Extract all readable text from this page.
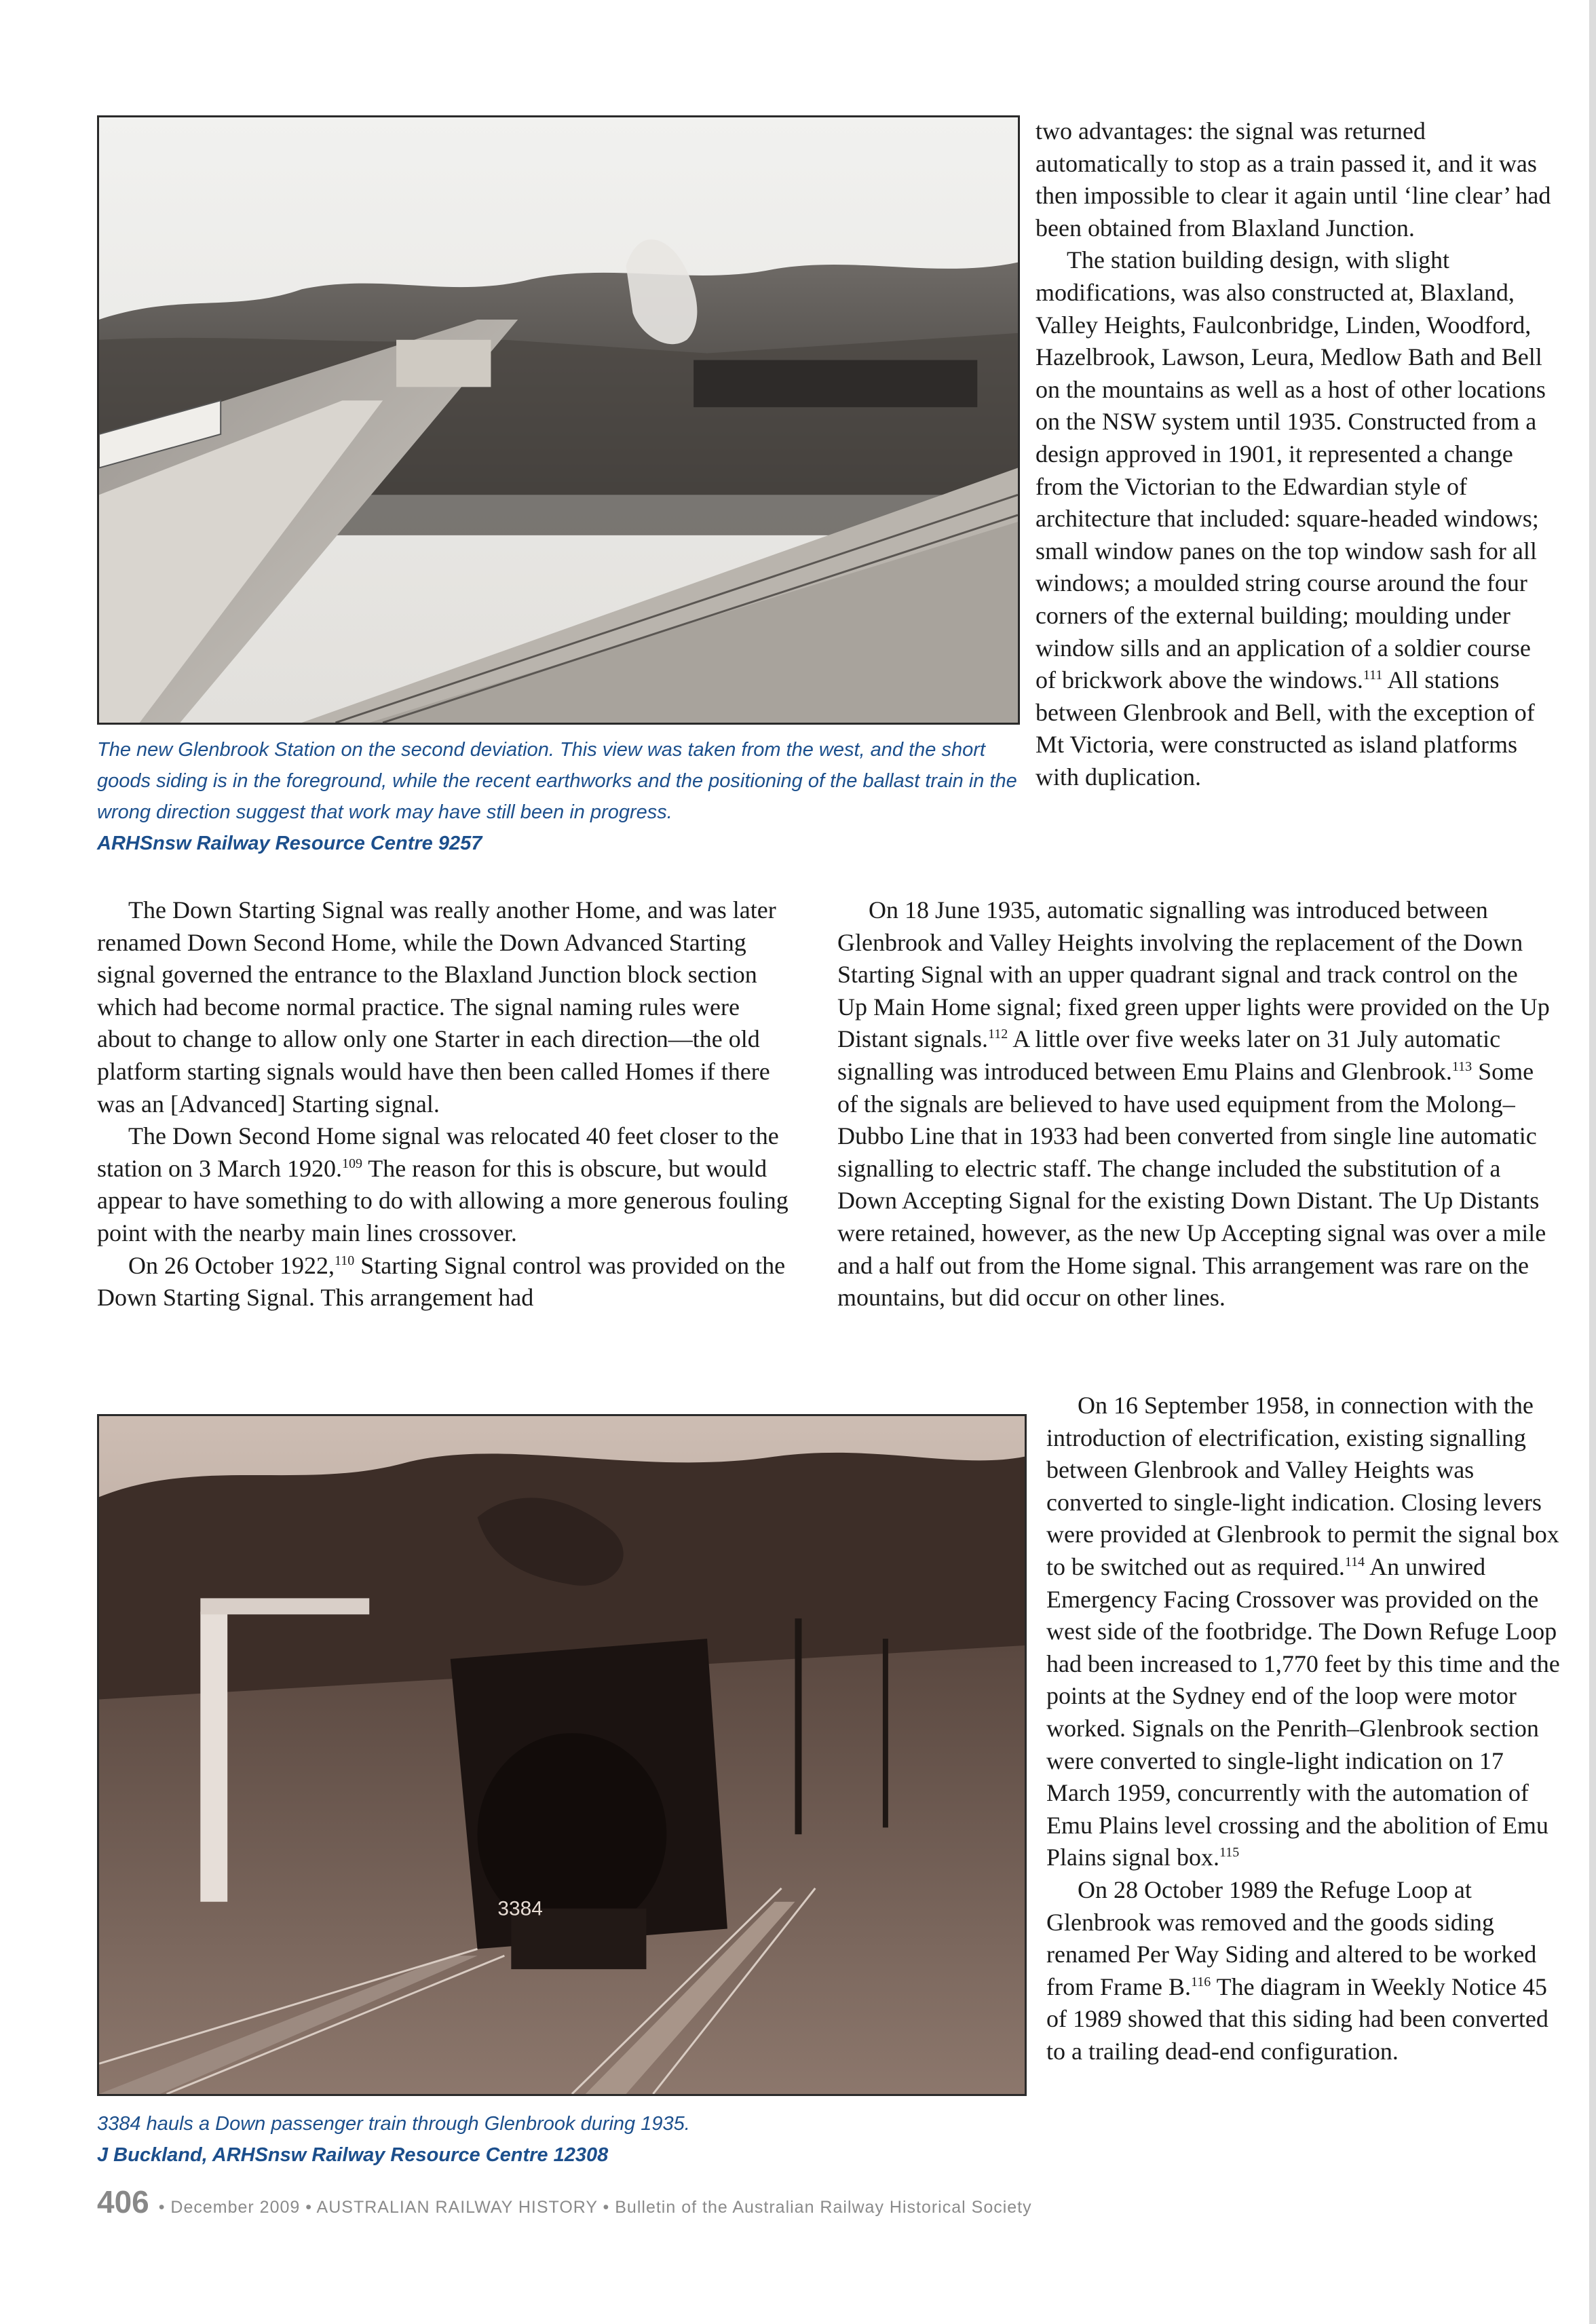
The new Glenbrook Station on the second deviation. This view was taken from the west, and the short goods siding is in the foreground, while the recent earthworks and the positioning of the ballast train in the wrong direction suggest that work may have still been in progress.
ARHSnsw Railway Resource Centre 9257

two advantages: the signal was returned automatically to stop as a train passed it, and it was then impossible to clear it again until ‘line clear’ had been obtained from Blaxland Junction.

The station building design, with slight modifications, was also constructed at, Blaxland, Valley Heights, Faulconbridge, Linden, Woodford, Hazelbrook, Lawson, Leura, Medlow Bath and Bell on the mountains as well as a host of other locations on the NSW system until 1935. Constructed from a design approved in 1901, it represented a change from the Victorian to the Edwardian style of architecture that included: square-headed windows; small window panes on the top window sash for all windows; a moulded string course around the four corners of the external building; moulding under window sills and an application of a soldier course of brickwork above the windows.$^{111}$ All stations between Glenbrook and Bell, with the exception of Mt Victoria, were constructed as island platforms with duplication.

The Down Starting Signal was really another Home, and was later renamed Down Second Home, while the Down Advanced Starting signal governed the entrance to the Blaxland Junction block section which had become normal practice. The signal naming rules were about to change to allow only one Starter in each direction—the old platform starting signals would have then been called Homes if there was an [Advanced] Starting signal.

The Down Second Home signal was relocated 40 feet closer to the station on 3 March 1920.$^{109}$ The reason for this is obscure, but would appear to have something to do with allowing a more generous fouling point with the nearby main lines crossover.

On 26 October 1922,$^{110}$ Starting Signal control was provided on the Down Starting Signal. This arrangement had

On 18 June 1935, automatic signalling was introduced between Glenbrook and Valley Heights involving the replacement of the Down Starting Signal with an upper quadrant signal and track control on the Up Main Home signal; fixed green upper lights were provided on the Up Distant signals.$^{112}$ A little over five weeks later on 31 July automatic signalling was introduced between Emu Plains and Glenbrook.$^{113}$ Some of the signals are believed to have used equipment from the Molong–Dubbo Line that in 1933 had been converted from single line automatic signalling to electric staff. The change included the substitution of a Down Accepting Signal for the existing Down Distant. The Up Distants were retained, however, as the new Up Accepting signal was over a mile and a half out from the Home signal. This arrangement was rare on the mountains, but did occur on other lines.

3384
3384 hauls a Down passenger train through Glenbrook during 1935.
J Buckland, ARHSnsw Railway Resource Centre 12308

On 16 September 1958, in connection with the introduction of electrification, existing signalling between Glenbrook and Valley Heights was converted to single-light indication. Closing levers were provided at Glenbrook to permit the signal box to be switched out as required.$^{114}$ An unwired Emergency Facing Crossover was provided on the west side of the footbridge. The Down Refuge Loop had been increased to 1,770 feet by this time and the points at the Sydney end of the loop were motor worked. Signals on the Penrith–Glenbrook section were converted to single-light indication on 17 March 1959, concurrently with the automation of Emu Plains level crossing and the abolition of Emu Plains signal box.$^{115}$

On 28 October 1989 the Refuge Loop at Glenbrook was removed and the goods siding renamed Per Way Siding and altered to be worked from Frame B.$^{116}$ The diagram in Weekly Notice 45 of 1989 showed that this siding had been converted to a trailing dead-end configuration.

406 • December 2009 • AUSTRALIAN RAILWAY HISTORY • Bulletin of the Australian Railway Historical Society
